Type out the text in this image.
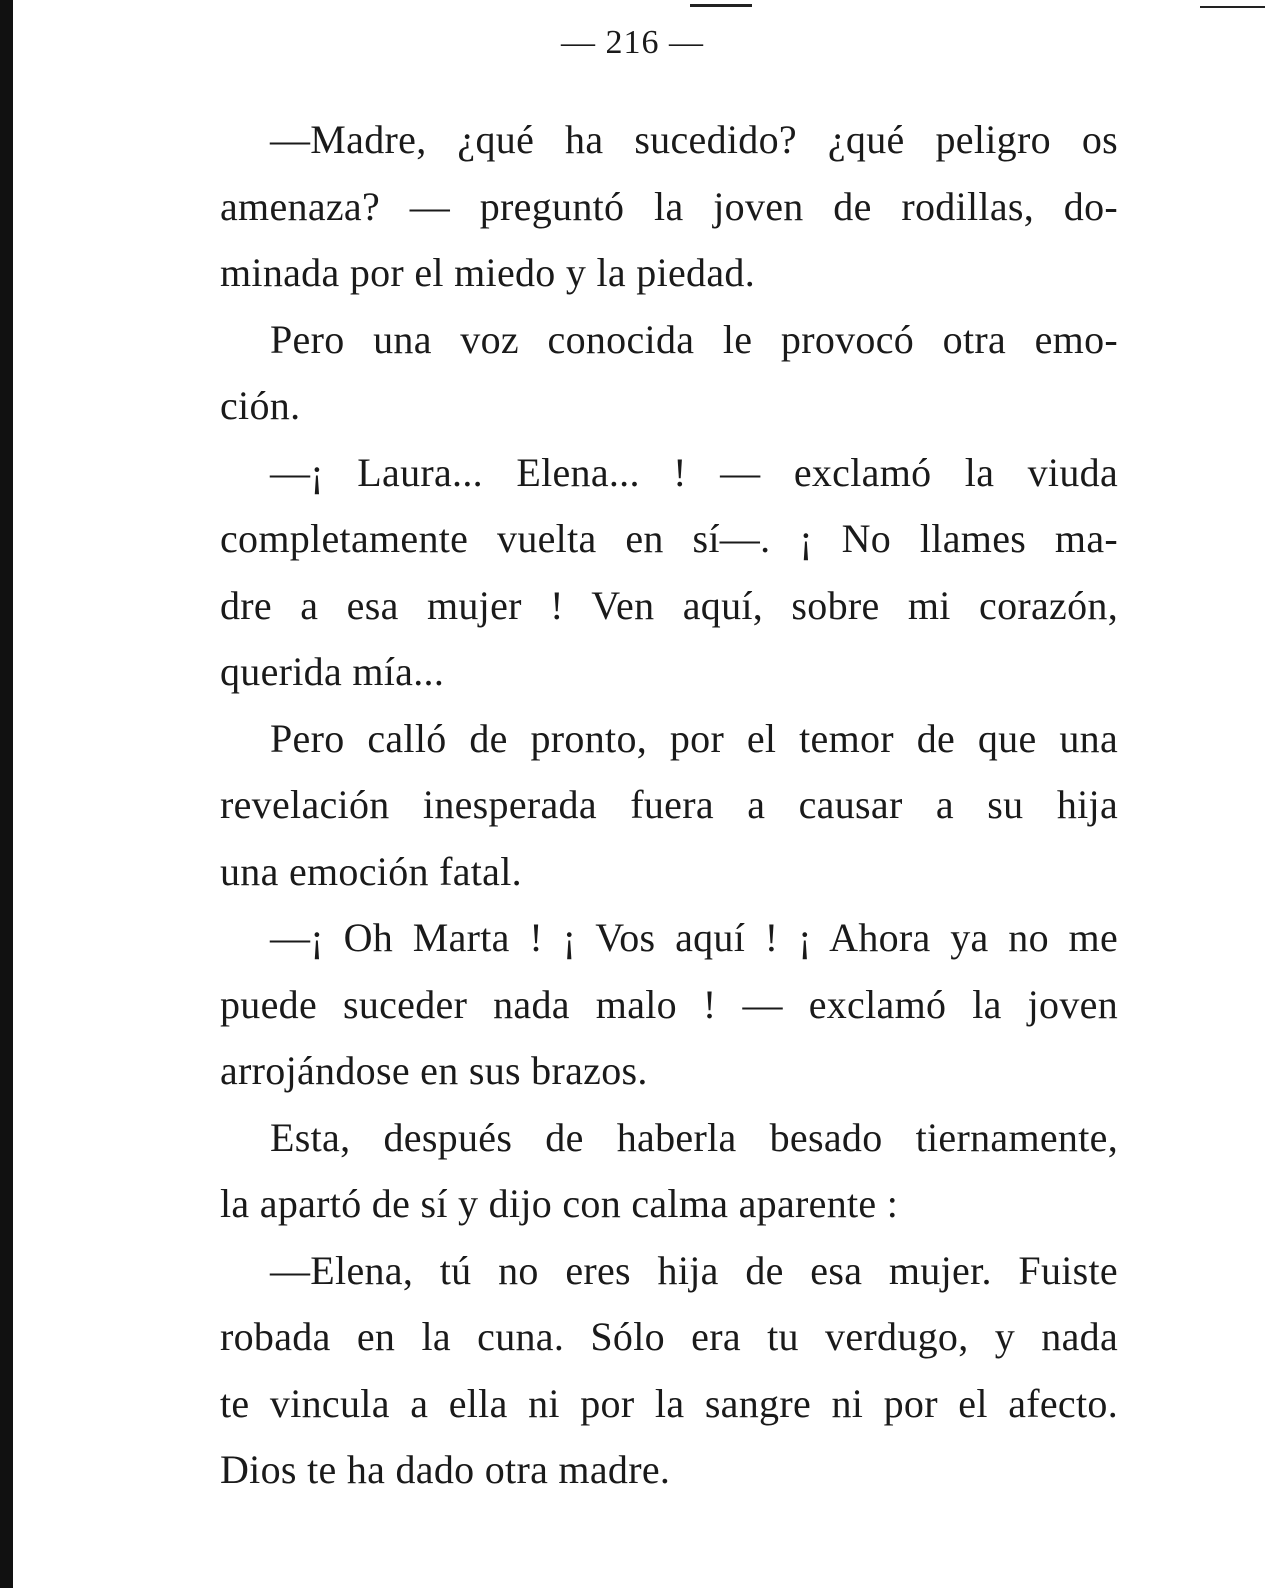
— 216 —

—Madre, ¿qué ha sucedido? ¿qué peligro os
amenaza? — preguntó la joven de rodillas, do-
minada por el miedo y la piedad.

Pero una voz conocida le provocó otra emo-
ción.

—¡ Laura... Elena... ! — exclamó la viuda
completamente vuelta en sí—. ¡ No llames ma-
dre a esa mujer ! Ven aquí, sobre mi corazón,
querida mía...

Pero calló de pronto, por el temor de que una
revelación inesperada fuera a causar a su hija
una emoción fatal.

—¡ Oh Marta ! ¡ Vos aquí ! ¡ Ahora ya no me
puede suceder nada malo ! — exclamó la joven
arrojándose en sus brazos.

Esta, después de haberla besado tiernamente,
la apartó de sí y dijo con calma aparente :

—Elena, tú no eres hija de esa mujer. Fuiste
robada en la cuna. Sólo era tu verdugo, y nada
te vincula a ella ni por la sangre ni por el afecto.
Dios te ha dado otra madre.
